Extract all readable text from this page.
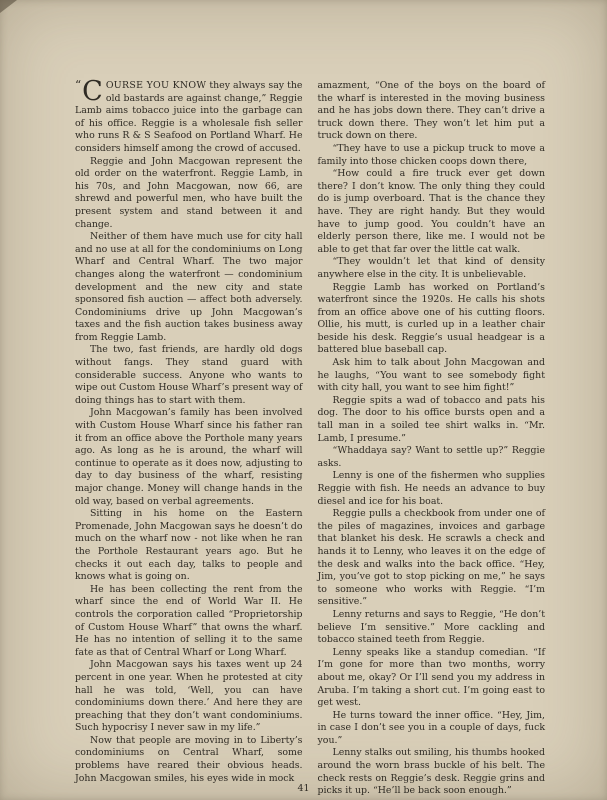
“ C OURSE YOU KNOW they always say the old bastards are against change,” Reggie Lamb aims tobacco juice into the garbage can of his office. Reggie is a wholesale fish seller who runs R & S Seafood on Portland Wharf. He considers himself among the crowd of accused.

Reggie and John Macgowan represent the old order on the waterfront. Reggie Lamb, in his 70s, and John Macgowan, now 66, are shrewd and powerful men, who have built the present system and stand between it and change.

Neither of them have much use for city hall and no use at all for the condominiums on Long Wharf and Central Wharf. The two major changes along the waterfront — condominium development and the new city and state sponsored fish auction — affect both adversely. Condominiums drive up John Macgowan’s taxes and the fish auction takes business away from Reggie Lamb.

The two, fast friends, are hardly old dogs without fangs. They stand guard with considerable success. Anyone who wants to wipe out Custom House Wharf’s present way of doing things has to start with them.

John Macgowan’s family has been involved with Custom House Wharf since his father ran it from an office above the Porthole many years ago. As long as he is around, the wharf will continue to operate as it does now, adjusting to day to day business of the wharf, resisting major change. Money will change hands in the old way, based on verbal agreements.

Sitting in his home on the Eastern Promenade, John Macgowan says he doesn’t do much on the wharf now - not like when he ran the Porthole Restaurant years ago. But he checks it out each day, talks to people and knows what is going on.

He has been collecting the rent from the wharf since the end of World War II. He controls the corporation called “Proprietorship of Custom House Wharf” that owns the wharf. He has no intention of selling it to the same fate as that of Central Wharf or Long Wharf.

John Macgowan says his taxes went up 24 percent in one year. When he protested at city hall he was told, ‘Well, you can have condominiums down there.’ And here they are preaching that they don’t want condominiums. Such hypocrisy I never saw in my life.”

Now that people are moving in to Liberty’s condominiums on Central Wharf, some problems have reared their obvious heads. John Macgowan smiles, his eyes wide in mock

amazment, “One of the boys on the board of the wharf is interested in the moving business and he has jobs down there. They can’t drive a truck down there. They won’t let him put a truck down on there.

“They have to use a pickup truck to move a family into those chicken coops down there,

“How could a fire truck ever get down there? I don’t know. The only thing they could do is jump overboard. That is the chance they have. They are right handy. But they would have to jump good. You couldn’t have an elderly person there, like me. I would not be able to get that far over the little cat walk.

“They wouldn’t let that kind of density anywhere else in the city. It is unbelievable.

Reggie Lamb has worked on Portland’s waterfront since the 1920s. He calls his shots from an office above one of his cutting floors. Ollie, his mutt, is curled up in a leather chair beside his desk. Reggie’s usual headgear is a battered blue baseball cap.

Ask him to talk about John Macgowan and he laughs, “You want to see somebody fight with city hall, you want to see him fight!”

Reggie spits a wad of tobacco and pats his dog. The door to his office bursts open and a tall man in a soiled tee shirt walks in. “Mr. Lamb, I presume.”

“Whaddaya say? Want to settle up?” Reggie asks.

Lenny is one of the fishermen who supplies Reggie with fish. He needs an advance to buy diesel and ice for his boat.

Reggie pulls a checkbook from under one of the piles of magazines, invoices and garbage that blanket his desk. He scrawls a check and hands it to Lenny, who leaves it on the edge of the desk and walks into the back office. “Hey, Jim, you’ve got to stop picking on me,” he says to someone who works with Reggie. “I’m sensitive.”

Lenny returns and says to Reggie, “He don’t believe I’m sensitive.” More cackling and tobacco stained teeth from Reggie.

Lenny speaks like a standup comedian. “If I’m gone for more than two months, worry about me, okay? Or I’ll send you my address in Aruba. I’m taking a short cut. I’m going east to get west.

He turns toward the inner office. “Hey, Jim, in case I don’t see you in a couple of days, fuck you.”

Lenny stalks out smiling, his thumbs hooked around the worn brass buckle of his belt. The check rests on Reggie’s desk. Reggie grins and picks it up. “He’ll be back soon enough.”

41
